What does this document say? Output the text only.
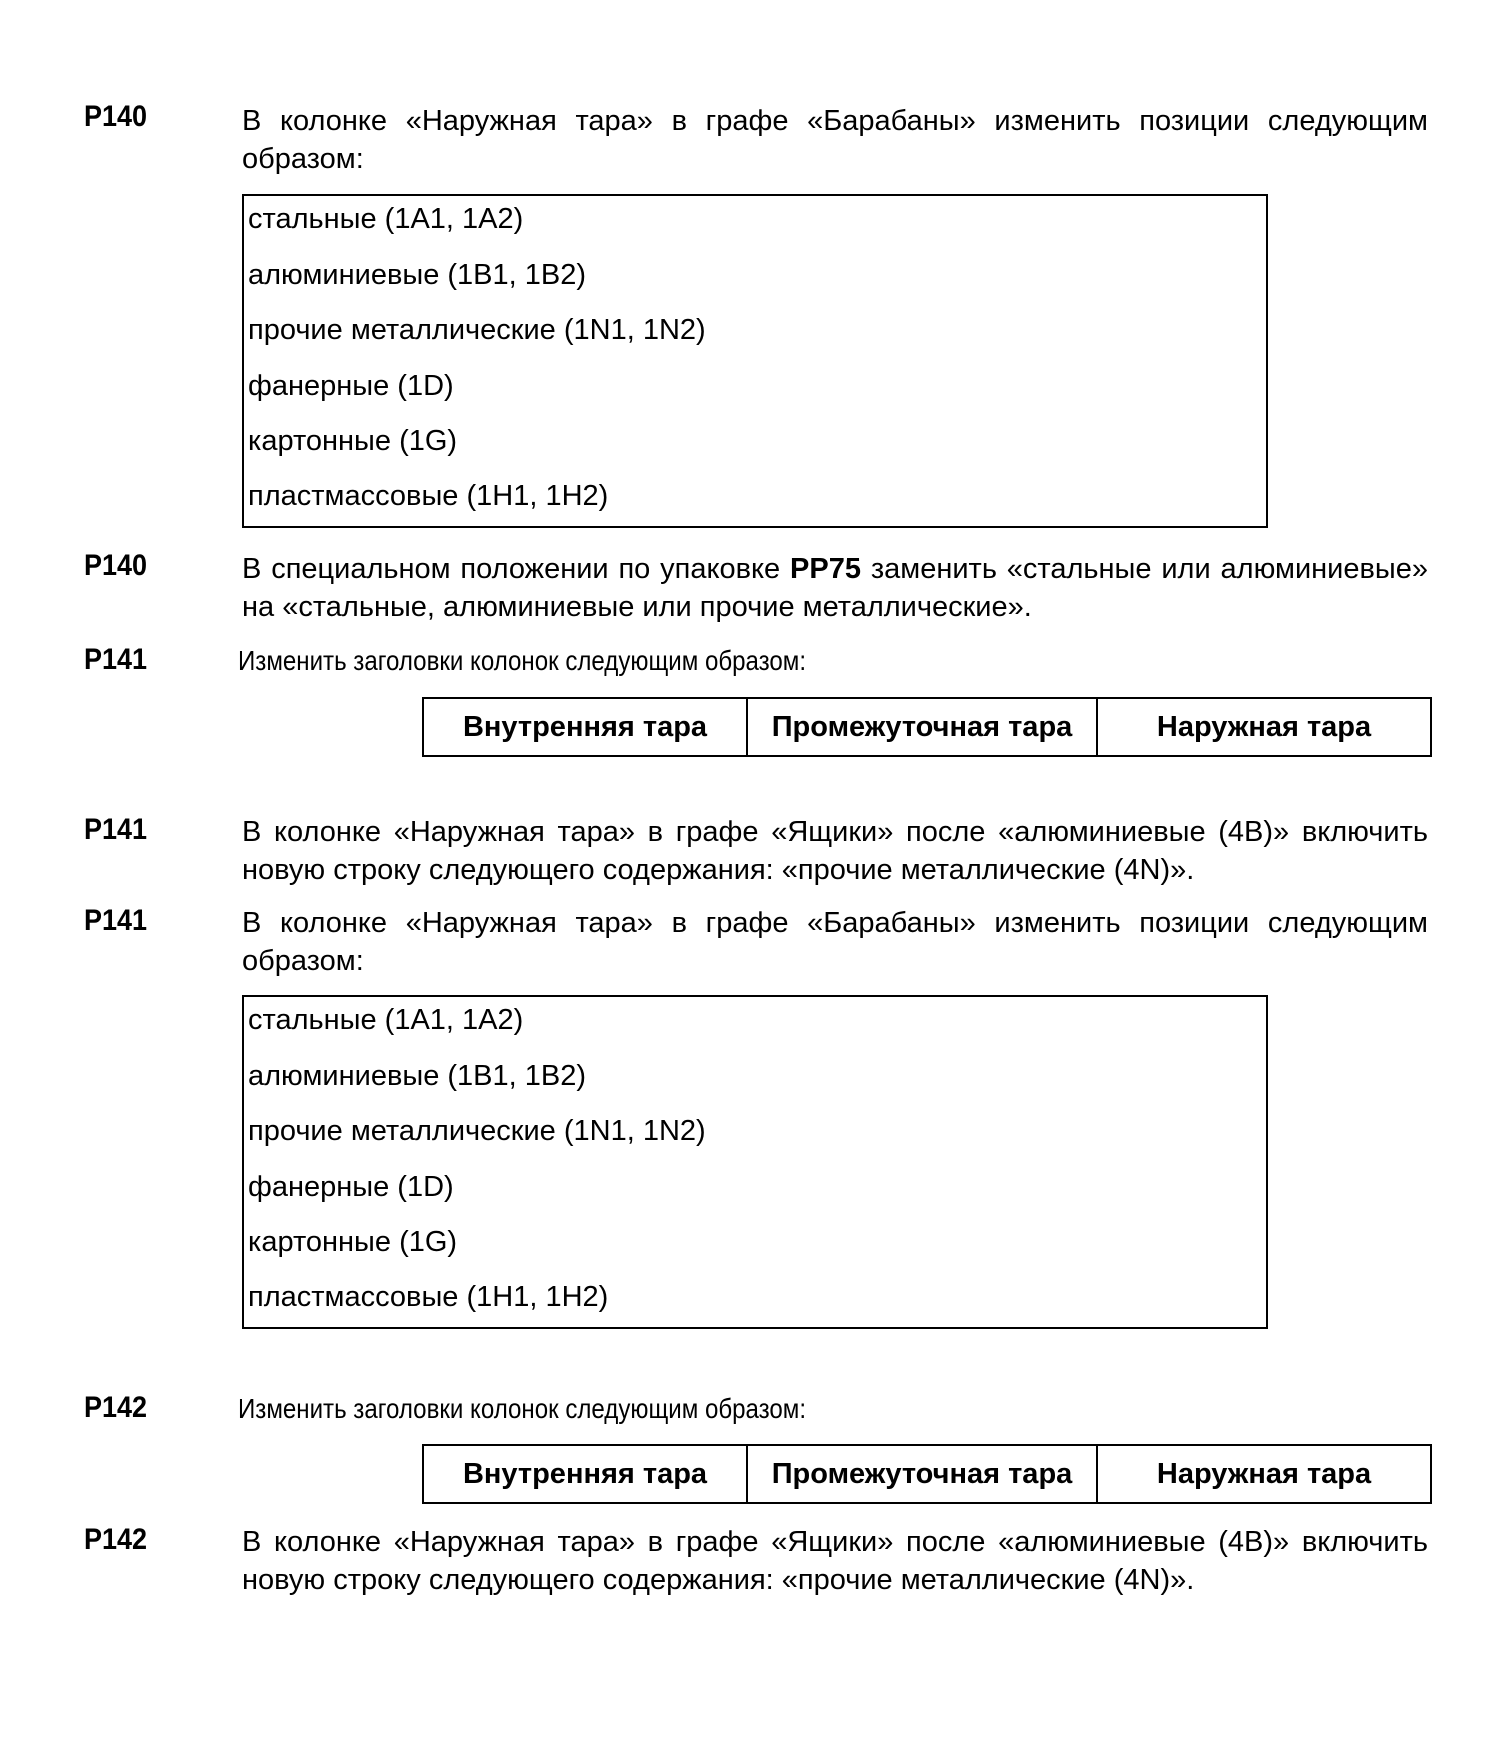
P140	В колонке «Наружная тара» в графе «Барабаны» изменить позиции следующим образом:
стальные (1A1, 1A2)
алюминиевые (1B1, 1B2)
прочие металлические (1N1, 1N2)
фанерные (1D)
картонные (1G)
пластмассовые (1H1, 1H2)
P140	В специальном положении по упаковке PP75 заменить «стальные или алюминиевые» на «стальные, алюминиевые или прочие металлические».
P141	Изменить заголовки колонок следующим образом:
Внутренняя тара	Промежуточная тара	Наружная тара
P141	В колонке «Наружная тара» в графе «Ящики» после «алюминиевые (4B)» включить новую строку следующего содержания: «прочие металлические (4N)».
P141	В колонке «Наружная тара» в графе «Барабаны» изменить позиции следующим образом:
стальные (1A1, 1A2)
алюминиевые (1B1, 1B2)
прочие металлические (1N1, 1N2)
фанерные (1D)
картонные (1G)
пластмассовые (1H1, 1H2)
P142	Изменить заголовки колонок следующим образом:
Внутренняя тара	Промежуточная тара	Наружная тара
P142	В колонке «Наружная тара» в графе «Ящики» после «алюминиевые (4B)» включить новую строку следующего содержания: «прочие металлические (4N)».
